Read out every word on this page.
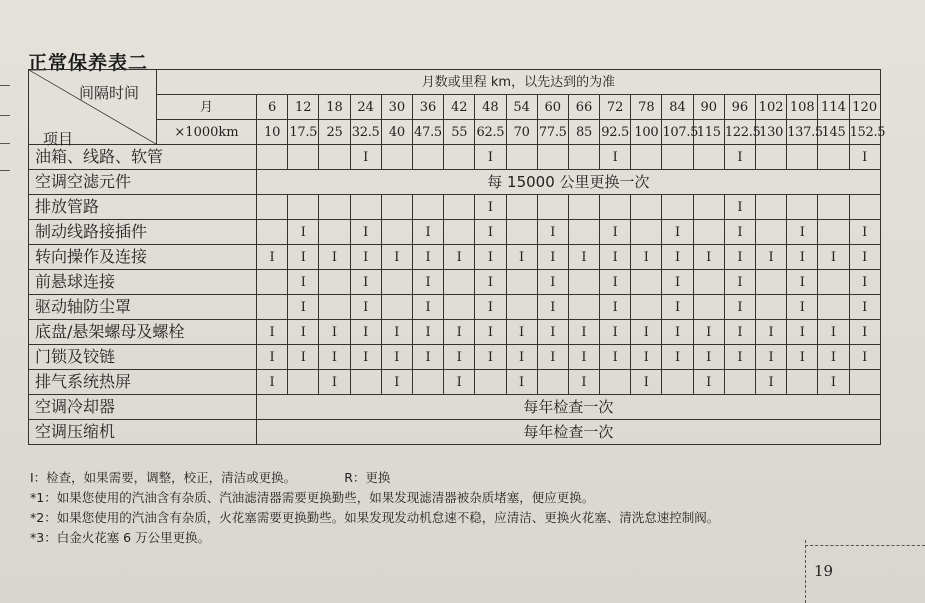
正常保养表二
间隔时间
项目	月数或里程 km，以先达到的为准																				
	月	6	12	18	24	30	36	42	48	54	60	66	72	78	84	90	96	102	108	114	120
	×1000km	10	17.5	25	32.5	40	47.5	55	62.5	70	77.5	85	92.5	100	107.5	115	122.5	130	137.5	145	152.5
油箱、线路、软管					I				I				I				I				I
空调空滤元件		每 15000 公里更换一次																			
排放管路									I								I				
制动线路接插件			I		I		I		I		I		I		I		I		I		I
转向操作及连接		I	I	I	I	I	I	I	I	I	I	I	I	I	I	I	I	I	I	I	I
前悬球连接			I		I		I		I		I		I		I		I		I		I
驱动轴防尘罩			I		I		I		I		I		I		I		I		I		I
底盘/悬架螺母及螺栓		I	I	I	I	I	I	I	I	I	I	I	I	I	I	I	I	I	I	I	I
门锁及铰链		I	I	I	I	I	I	I	I	I	I	I	I	I	I	I	I	I	I	I	I
排气系统热屏		I		I		I		I		I		I		I		I		I		I	
空调冷却器		每年检查一次																			
空调压缩机		每年检查一次																			
I：检查，如果需要，调整，校正，清洁或更换。	R：更换
*1：如果您使用的汽油含有杂质、汽油滤清器需要更换勤些，如果发现滤清器被杂质堵塞，便应更换。
*2：如果您使用的汽油含有杂质，火花塞需要更换勤些。如果发现发动机怠速不稳，应清洁、更换火花塞、清洗怠速控制阀。
*3：白金火花塞 6 万公里更换。
19
